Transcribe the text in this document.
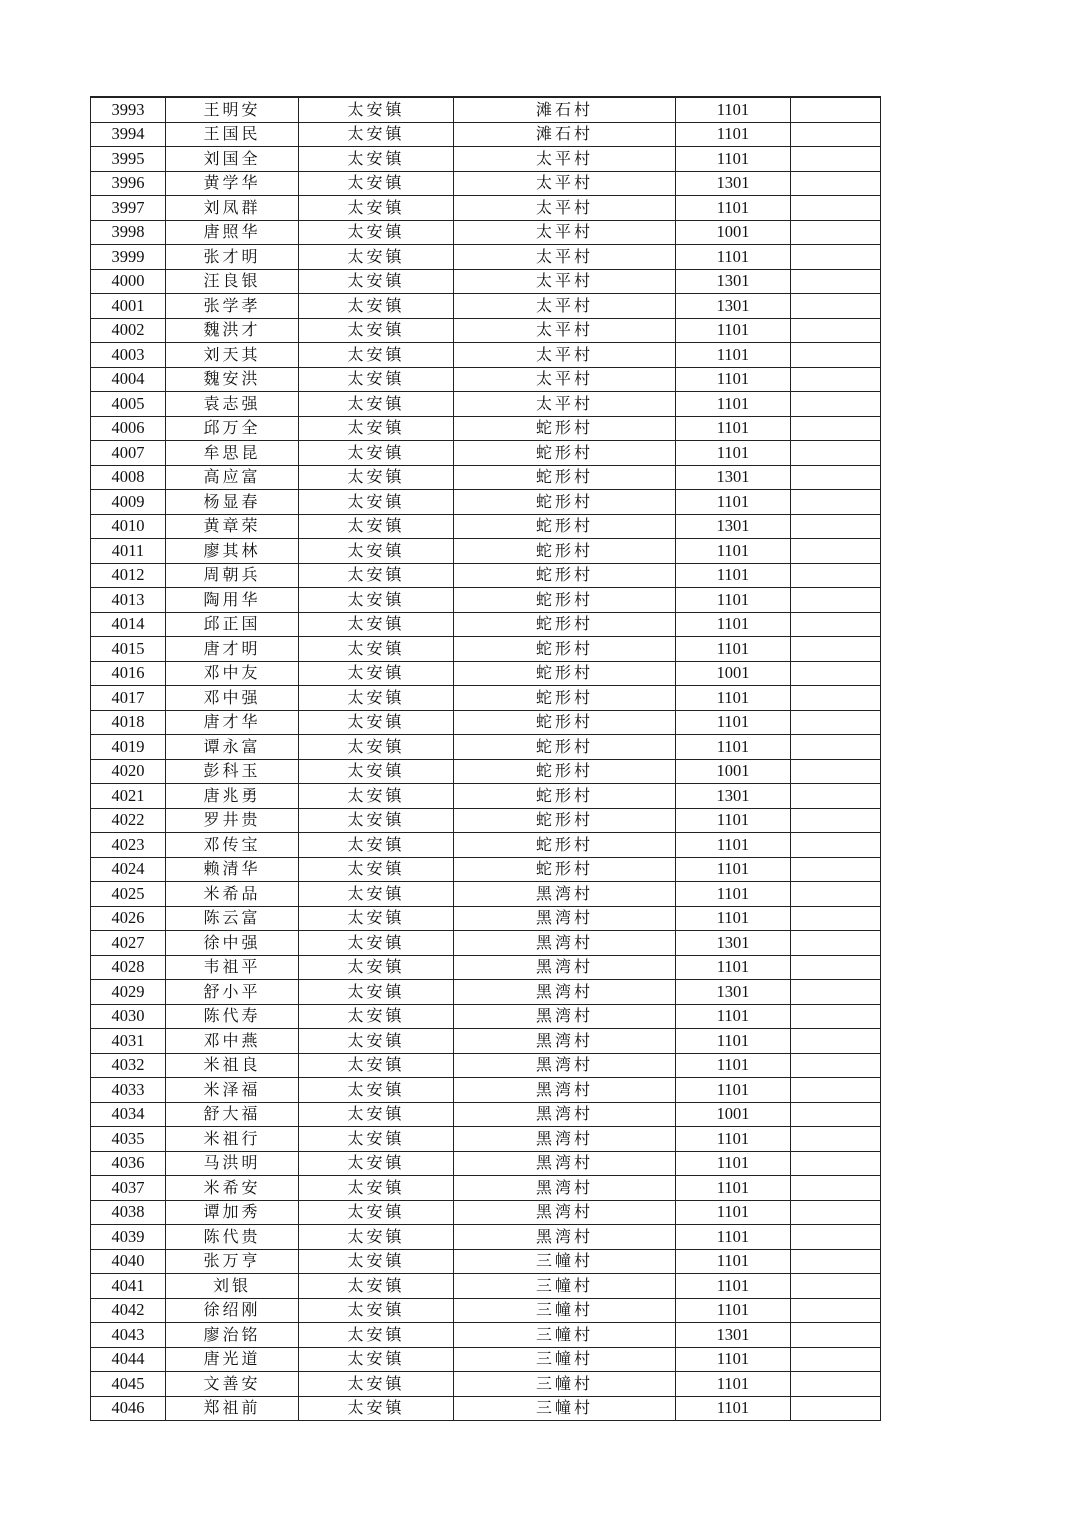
3993	王明安	太安镇	滩石村	1101	
3994	王国民	太安镇	滩石村	1101	
3995	刘国全	太安镇	太平村	1101	
3996	黄学华	太安镇	太平村	1301	
3997	刘凤群	太安镇	太平村	1101	
3998	唐照华	太安镇	太平村	1001	
3999	张才明	太安镇	太平村	1101	
4000	汪良银	太安镇	太平村	1301	
4001	张学孝	太安镇	太平村	1301	
4002	魏洪才	太安镇	太平村	1101	
4003	刘天其	太安镇	太平村	1101	
4004	魏安洪	太安镇	太平村	1101	
4005	袁志强	太安镇	太平村	1101	
4006	邱万全	太安镇	蛇形村	1101	
4007	牟思昆	太安镇	蛇形村	1101	
4008	高应富	太安镇	蛇形村	1301	
4009	杨显春	太安镇	蛇形村	1101	
4010	黄章荣	太安镇	蛇形村	1301	
4011	廖其林	太安镇	蛇形村	1101	
4012	周朝兵	太安镇	蛇形村	1101	
4013	陶用华	太安镇	蛇形村	1101	
4014	邱正国	太安镇	蛇形村	1101	
4015	唐才明	太安镇	蛇形村	1101	
4016	邓中友	太安镇	蛇形村	1001	
4017	邓中强	太安镇	蛇形村	1101	
4018	唐才华	太安镇	蛇形村	1101	
4019	谭永富	太安镇	蛇形村	1101	
4020	彭科玉	太安镇	蛇形村	1001	
4021	唐兆勇	太安镇	蛇形村	1301	
4022	罗井贵	太安镇	蛇形村	1101	
4023	邓传宝	太安镇	蛇形村	1101	
4024	赖清华	太安镇	蛇形村	1101	
4025	米希品	太安镇	黑湾村	1101	
4026	陈云富	太安镇	黑湾村	1101	
4027	徐中强	太安镇	黑湾村	1301	
4028	韦祖平	太安镇	黑湾村	1101	
4029	舒小平	太安镇	黑湾村	1301	
4030	陈代寿	太安镇	黑湾村	1101	
4031	邓中燕	太安镇	黑湾村	1101	
4032	米祖良	太安镇	黑湾村	1101	
4033	米泽福	太安镇	黑湾村	1101	
4034	舒大福	太安镇	黑湾村	1001	
4035	米祖行	太安镇	黑湾村	1101	
4036	马洪明	太安镇	黑湾村	1101	
4037	米希安	太安镇	黑湾村	1101	
4038	谭加秀	太安镇	黑湾村	1101	
4039	陈代贵	太安镇	黑湾村	1101	
4040	张万亨	太安镇	三幢村	1101	
4041	刘银	太安镇	三幢村	1101	
4042	徐绍刚	太安镇	三幢村	1101	
4043	廖治铭	太安镇	三幢村	1301	
4044	唐光道	太安镇	三幢村	1101	
4045	文善安	太安镇	三幢村	1101	
4046	郑祖前	太安镇	三幢村	1101	
